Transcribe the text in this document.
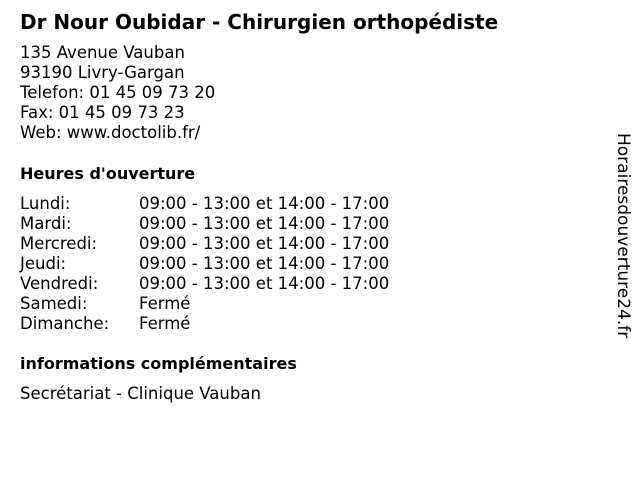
Dr Nour Oubidar - Chirurgien orthopédiste
135 Avenue Vauban
93190 Livry-Gargan
Telefon: 01 45 09 73 20
Fax: 01 45 09 73 23
Web: www.doctolib.fr/
Heures d'ouverture
Lundi:	09:00 - 13:00 et 14:00 - 17:00
Mardi:	09:00 - 13:00 et 14:00 - 17:00
Mercredi:	09:00 - 13:00 et 14:00 - 17:00
Jeudi:	09:00 - 13:00 et 14:00 - 17:00
Vendredi: 09:00 - 13:00 et 14:00 - 17:00
Samedi:	Fermé
Dimanche: Fermé
informations complémentaires
Secrétariat - Clinique Vauban
Horairesdouverture24.fr
